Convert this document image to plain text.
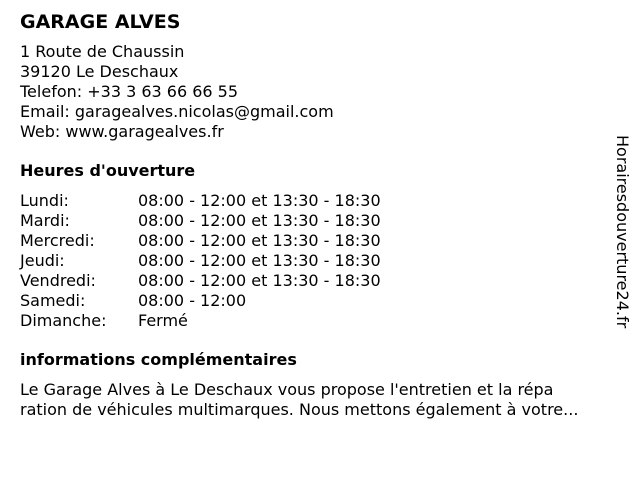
GARAGE ALVES
1 Route de Chaussin
39120 Le Deschaux
Telefon: +33 3 63 66 66 55
Email: garagealves.nicolas@gmail.com
Web: www.garagealves.fr
Heures d'ouverture
Lundi:	08:00 - 12:00 et 13:30 - 18:30
Mardi:	08:00 - 12:00 et 13:30 - 18:30
Mercredi:	08:00 - 12:00 et 13:30 - 18:30
Jeudi:	08:00 - 12:00 et 13:30 - 18:30
Vendredi:	08:00 - 12:00 et 13:30 - 18:30
Samedi:	08:00 - 12:00
Dimanche:	Fermé
informations complémentaires
Le Garage Alves à Le Deschaux vous propose l'entretien et la répa
ration de véhicules multimarques. Nous mettons également à votre...
Horairesdouverture24.fr
